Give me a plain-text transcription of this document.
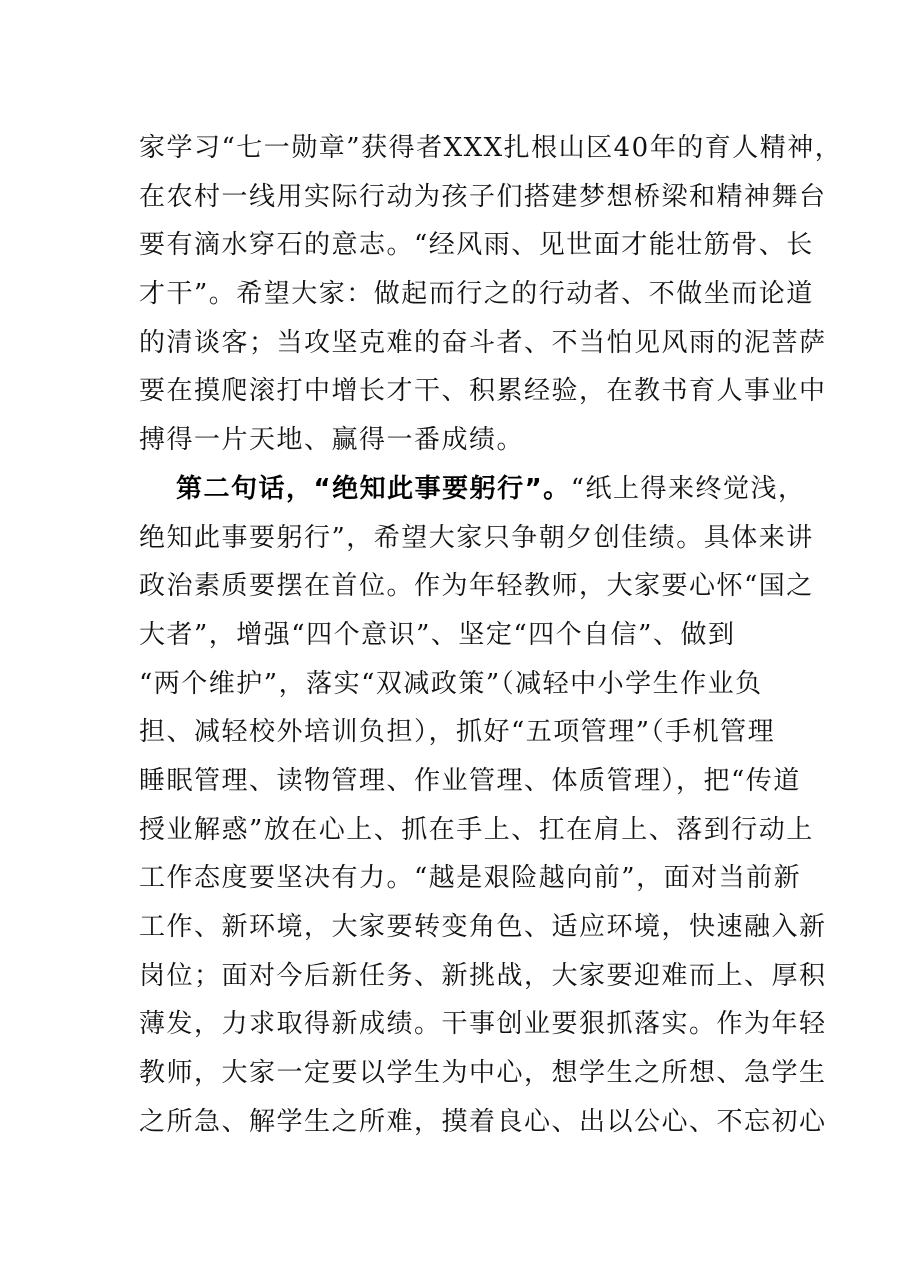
家学习“七一勋章”获得者XXX扎根山区40年的育人精神，
在农村一线用实际行动为孩子们搭建梦想桥梁和精神舞台
要有滴水穿石的意志。“经风雨、见世面才能壮筋骨、长
才干”。希望大家：做起而行之的行动者、不做坐而论道
的清谈客；当攻坚克难的奋斗者、不当怕见风雨的泥菩萨
要在摸爬滚打中增长才干、积累经验，在教书育人事业中
搏得一片天地、赢得一番成绩。
第二句话，“绝知此事要躬行”。“纸上得来终觉浅，
绝知此事要躬行”，希望大家只争朝夕创佳绩。具体来讲
政治素质要摆在首位。作为年轻教师，大家要心怀“国之
大者”，增强“四个意识”、坚定“四个自信”、做到
“两个维护”，落实“双减政策”（减轻中小学生作业负
担、减轻校外培训负担），抓好“五项管理”（手机管理
睡眠管理、读物管理、作业管理、体质管理），把“传道
授业解惑”放在心上、抓在手上、扛在肩上、落到行动上
工作态度要坚决有力。“越是艰险越向前”，面对当前新
工作、新环境，大家要转变角色、适应环境，快速融入新
岗位；面对今后新任务、新挑战，大家要迎难而上、厚积
薄发，力求取得新成绩。干事创业要狠抓落实。作为年轻
教师，大家一定要以学生为中心，想学生之所想、急学生
之所急、解学生之所难，摸着良心、出以公心、不忘初心
